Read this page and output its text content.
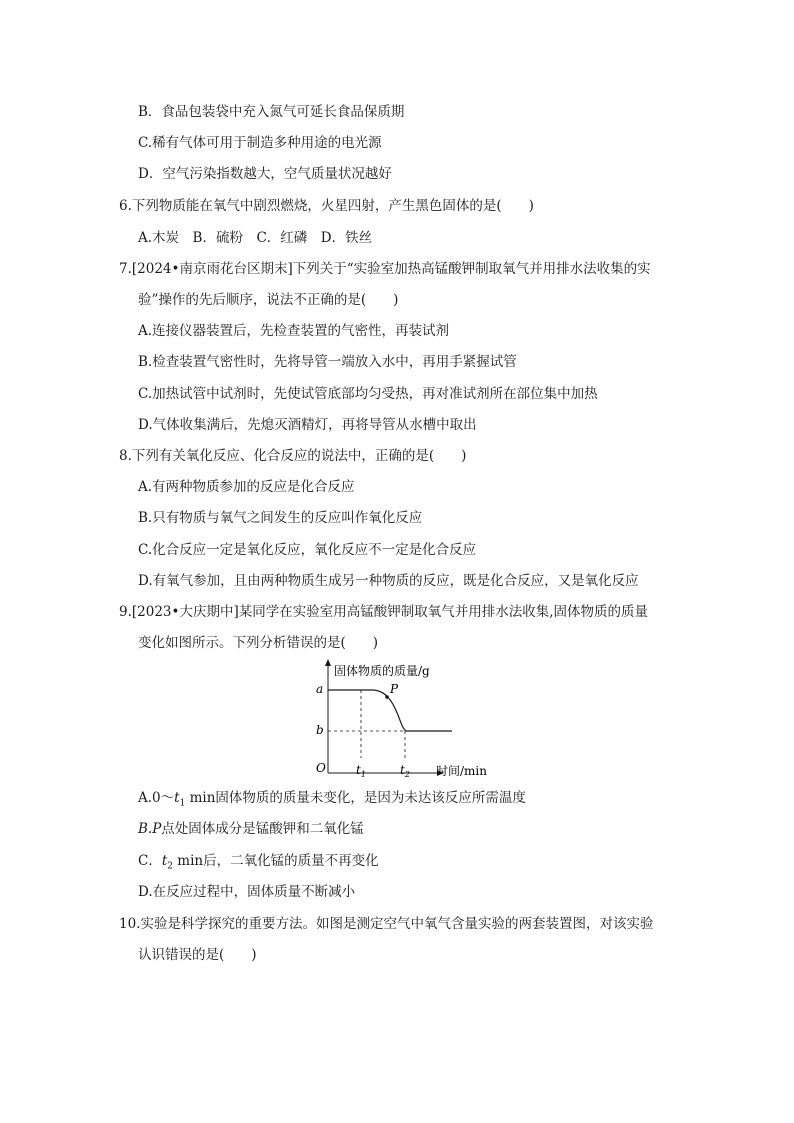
B．食品包装袋中充入氮气可延长食品保质期
C.稀有气体可用于制造多种用途的电光源
D．空气污染指数越大，空气质量状况越好
6.下列物质能在氧气中剧烈燃烧，火星四射，产生黑色固体的是(　　)
A.木炭　B．硫粉　C．红磷　D．铁丝
7.[2024•南京雨花台区期末]下列关于“实验室加热高锰酸钾制取氧气并用排水法收集的实
验”操作的先后顺序，说法不正确的是(　　)
A.连接仪器装置后，先检查装置的气密性，再装试剂
B.检查装置气密性时，先将导管一端放入水中，再用手紧握试管
C.加热试管中试剂时，先使试管底部均匀受热，再对准试剂所在部位集中加热
D.气体收集满后，先熄灭酒精灯，再将导管从水槽中取出
8.下列有关氧化反应、化合反应的说法中，正确的是(　　)
A.有两种物质参加的反应是化合反应
B.只有物质与氧气之间发生的反应叫作氧化反应
C.化合反应一定是氧化反应，氧化反应不一定是化合反应
D.有氧气参加，且由两种物质生成另一种物质的反应，既是化合反应，又是氧化反应
9.[2023•大庆期中]某同学在实验室用高锰酸钾制取氧气并用排水法收集,固体物质的质量
变化如图所示。下列分析错误的是(　　)
固体物质的质量/g
时间/min
O
a
b
$t_1$	$t_2$
P
$A.0\sim t_1$ min固体物质的质量未变化，是因为未达该反应所需温度
B.P点处固体成分是锰酸钾和二氧化锰
C．$t_2$ min后，二氧化锰的质量不再变化
D.在反应过程中，固体质量不断减小
10.实验是科学探究的重要方法。如图是测定空气中氧气含量实验的两套装置图，对该实验
认识错误的是(　　)
